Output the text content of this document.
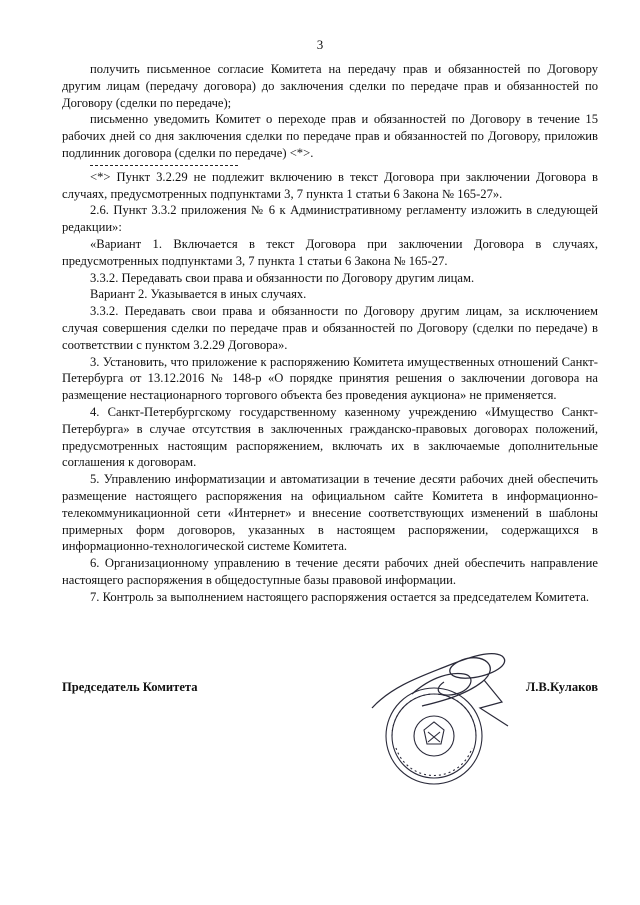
3

получить письменное согласие Комитета на передачу прав и обязанностей по Договору другим лицам (передачу договора) до заключения сделки по передаче прав и обязанностей по Договору (сделки по передаче);

письменно уведомить Комитет о переходе прав и обязанностей по Договору в течение 15 рабочих дней со дня заключения сделки по передаче прав и обязанностей по Договору, приложив подлинник договора (сделки по передаче) <*>.

<*> Пункт 3.2.29 не подлежит включению в текст Договора при заключении Договора в случаях, предусмотренных подпунктами 3, 7 пункта 1 статьи 6 Закона № 165-27».

2.6. Пункт 3.3.2 приложения № 6 к Административному регламенту изложить в следующей редакции»:

«Вариант 1. Включается в текст Договора при заключении Договора в случаях, предусмотренных подпунктами 3, 7 пункта 1 статьи 6 Закона № 165-27.

3.3.2. Передавать свои права и обязанности по Договору другим лицам.

Вариант 2. Указывается в иных случаях.

3.3.2. Передавать свои права и обязанности по Договору другим лицам, за исключением случая совершения сделки по передаче прав и обязанностей по Договору (сделки по передаче) в соответствии с пунктом 3.2.29 Договора».

3. Установить, что приложение к распоряжению Комитета имущественных отношений Санкт-Петербурга от 13.12.2016 № 148-р «О порядке принятия решения о заключении договора на размещение нестационарного торгового объекта без проведения аукциона» не применяется.

4. Санкт-Петербургскому государственному казенному учреждению «Имущество Санкт-Петербурга» в случае отсутствия в заключенных гражданско-правовых договорах положений, предусмотренных настоящим распоряжением, включать их в заключаемые дополнительные соглашения к договорам.

5. Управлению информатизации и автоматизации в течение десяти рабочих дней обеспечить размещение настоящего распоряжения на официальном сайте Комитета в информационно-телекоммуникационной сети «Интернет» и внесение соответствующих изменений в шаблоны примерных форм договоров, указанных в настоящем распоряжении, содержащихся в информационно-технологической системе Комитета.

6. Организационному управлению в течение десяти рабочих дней обеспечить направление настоящего распоряжения в общедоступные базы правовой информации.

7. Контроль за выполнением настоящего распоряжения остается за председателем Комитета.

Председатель Комитета	Л.В.Кулаков
